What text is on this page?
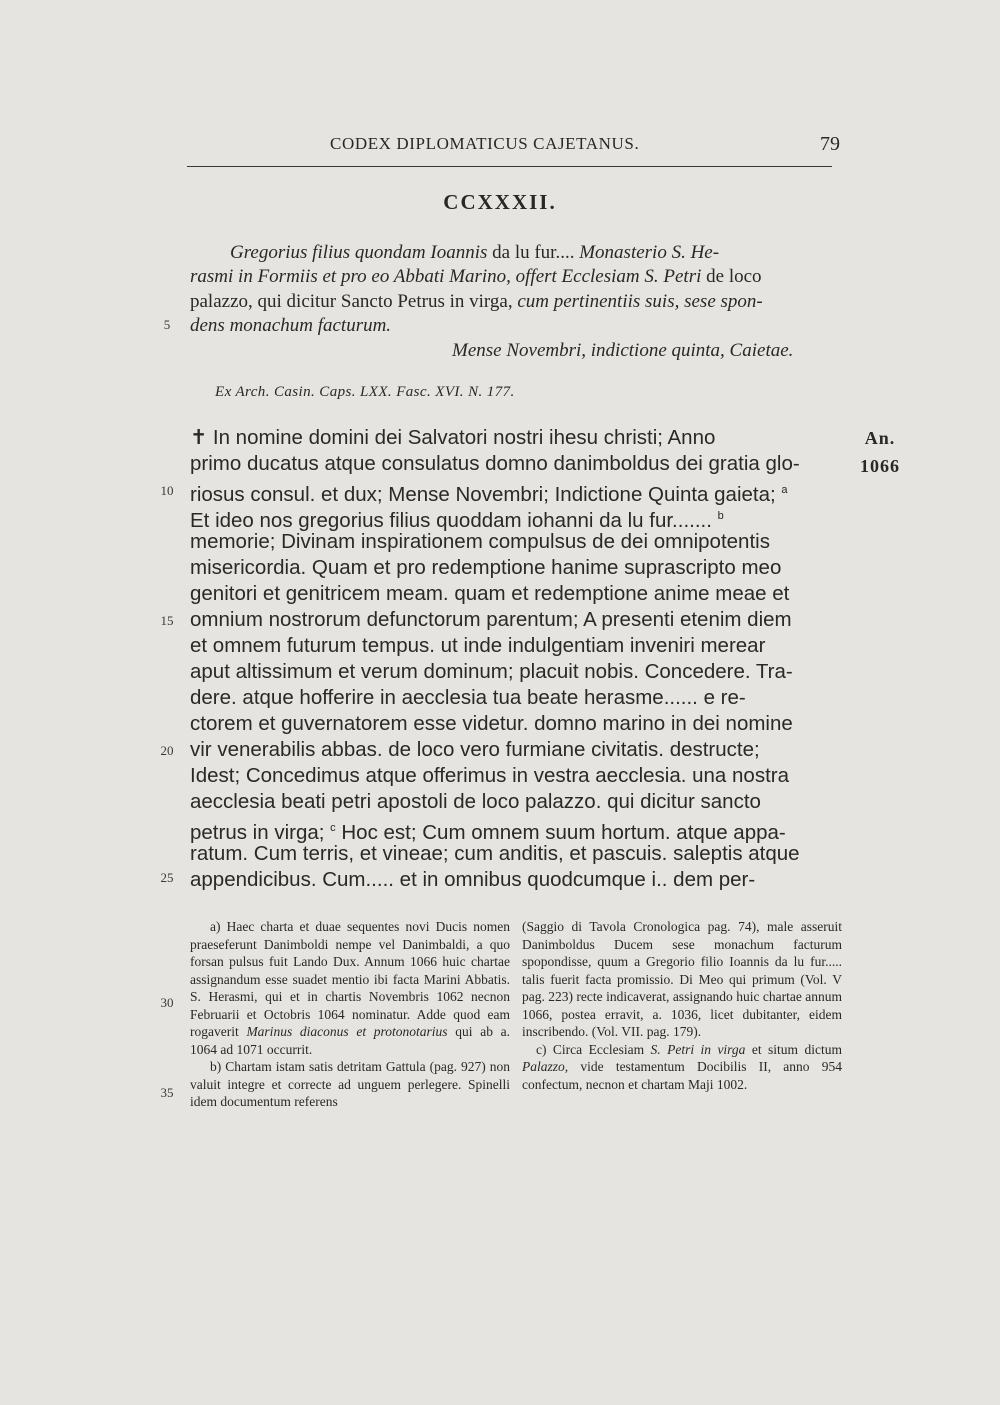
CODEX DIPLOMATICUS CAJETANUS.	79
CCXXXII.
Gregorius filius quondam Ioannis da lu fur.... Monasterio S. He-
rasmi in Formiis et pro eo Abbati Marino, offert Ecclesiam S. Petri de loco
palazzo, qui dicitur Sancto Petrus in virga, cum pertinentiis suis, sese spon-
dens monachum facturum.
Mense Novembri, indictione quinta, Caietae.
Ex Arch. Casin. Caps. LXX. Fasc. XVI. N. 177.
An.
1066
5
10
15
20
25
30
35
✝ In nomine domini dei Salvatori nostri ihesu christi; Anno
primo ducatus atque consulatus domno danimboldus dei gratia glo-
riosus consul. et dux; Mense Novembri; Indictione Quinta gaieta; $^a$
Et ideo nos gregorius filius quoddam iohanni da lu fur....... $^b$
memorie; Divinam inspirationem compulsus de dei omnipotentis
misericordia. Quam et pro redemptione hanime suprascripto meo
genitori et genitricem meam. quam et redemptione anime meae et
omnium nostrorum defunctorum parentum; A presenti etenim diem
et omnem futurum tempus. ut inde indulgentiam inveniri merear
aput altissimum et verum dominum; placuit nobis. Concedere. Tra-
dere. atque hofferire in aecclesia tua beate herasme...... e re-
ctorem et guvernatorem esse videtur. domno marino in dei nomine
vir venerabilis abbas. de loco vero furmiane civitatis. destructe;
Idest; Concedimus atque offerimus in vestra aecclesia. una nostra
aecclesia beati petri apostoli de loco palazzo. qui dicitur sancto
petrus in virga; $^c$ Hoc est; Cum omnem suum hortum. atque appa-
ratum. Cum terris, et vineae; cum anditis, et pascuis. saleptis atque
appendicibus. Cum..... et in omnibus quodcumque i.. dem per-

a) Haec charta et duae sequentes novi Ducis nomen praeseferunt Danimboldi nempe vel Danimbaldi, a quo forsan pulsus fuit Lando Dux. Annum 1066 huic chartae assignandum esse suadet mentio ibi facta Marini Abbatis. S. Herasmi, qui et in chartis Novembris 1062 necnon Februarii et Octobris 1064 nominatur. Adde quod eam rogaverit Marinus diaconus et protonotarius qui ab a. 1064 ad 1071 occurrit.

b) Chartam istam satis detritam Gattula (pag. 927) non valuit integre et correcte ad unguem perlegere. Spinelli idem documentum referens

(Saggio di Tavola Cronologica pag. 74), male asseruit Danimboldus Ducem sese monachum facturum spopondisse, quum a Gregorio filio Ioannis da lu fur..... talis fuerit facta promissio. Di Meo qui primum (Vol. V pag. 223) recte indicaverat, assignando huic chartae annum 1066, postea erravit, a. 1036, licet dubitanter, eidem inscribendo. (Vol. VII. pag. 179).

c) Circa Ecclesiam S. Petri in virga et situm dictum Palazzo, vide testamentum Docibilis II, anno 954 confectum, necnon et chartam Maji 1002.
